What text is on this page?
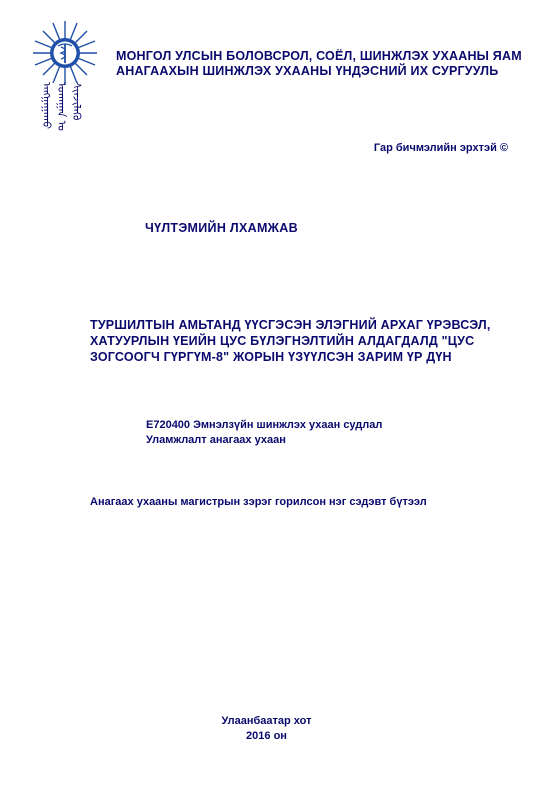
ᠠᠩᠭᠠᠭᠠᠬᠤ ᠤᠬᠠᠭᠠᠨ ᠤ ᠰᠢᠨᠵᠢᠯᠡᠬᠦ
МОНГОЛ УЛСЫН БОЛОВСРОЛ, СОЁЛ, ШИНЖЛЭХ УХААНЫ ЯАМ
АНАГААХЫН ШИНЖЛЭХ УХААНЫ ҮНДЭСНИЙ ИХ СУРГУУЛЬ
Гар бичмэлийн эрхтэй ©
ЧҮЛТЭМИЙН ЛХАМЖАВ
ТУРШИЛТЫН АМЬТАНД ҮҮСГЭСЭН ЭЛЭГНИЙ АРХАГ ҮРЭВСЭЛ,
ХАТУУРЛЫН ҮЕИЙН ЦУС БҮЛЭГНЭЛТИЙН АЛДАГДАЛД "ЦУС
ЗОГСООГЧ ГҮРГҮМ-8" ЖОРЫН ҮЗҮҮЛСЭН ЗАРИМ ҮР ДҮН
Е720400 Эмнэлзүйн шинжлэх ухаан судлал
Уламжлалт анагаах ухаан
Анагаах ухааны магистрын зэрэг горилсон нэг сэдэвт бүтээл
Улаанбаатар хот
2016 он
